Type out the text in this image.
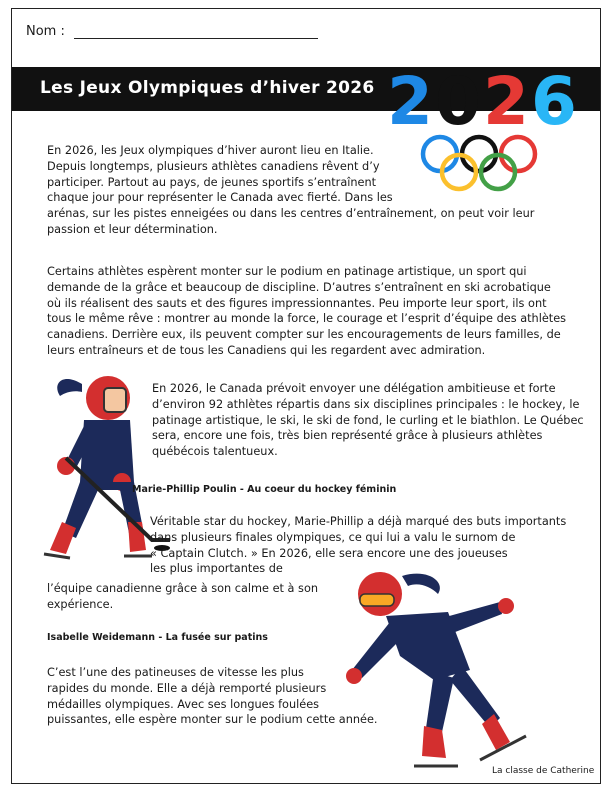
Nom :
Les Jeux Olympiques d’hiver 2026 2 0 2 6

En 2026, les Jeux olympiques d’hiver auront lieu en Italie.
Depuis longtemps, plusieurs athlètes canadiens rêvent d’y
participer. Partout au pays, de jeunes sportifs s’entraînent
chaque jour pour représenter le Canada avec fierté. Dans les
arénas, sur les pistes enneigées ou dans les centres d’entraînement, on peut voir leur
passion et leur détermination.

Certains athlètes espèrent monter sur le podium en patinage artistique, un sport qui
demande de la grâce et beaucoup de discipline. D’autres s’entraînent en ski acrobatique
où ils réalisent des sauts et des figures impressionnantes. Peu importe leur sport, ils ont
tous le même rêve : montrer au monde la force, le courage et l’esprit d’équipe des athlètes
canadiens. Derrière eux, ils peuvent compter sur les encouragements de leurs familles, de
leurs entraîneurs et de tous les Canadiens qui les regardent avec admiration.

En 2026, le Canada prévoit envoyer une délégation ambitieuse et forte
d’environ 92 athlètes répartis dans six disciplines principales : le hockey, le
patinage artistique, le ski, le ski de fond, le curling et le biathlon. Le Québec
sera, encore une fois, très bien représenté grâce à plusieurs athlètes
québécois talentueux.

Marie-Phillip Poulin - Au coeur du hockey féminin

Véritable star du hockey, Marie-Phillip a déjà marqué des buts importants
dans plusieurs finales olympiques, ce qui lui a valu le surnom de
« Captain Clutch. » En 2026, elle sera encore une des joueuses
les plus importantes de

l’équipe canadienne grâce à son calme et à son
expérience.

Isabelle Weidemann - La fusée sur patins

C’est l’une des patineuses de vitesse les plus
rapides du monde. Elle a déjà remporté plusieurs
médailles olympiques. Avec ses longues foulées
puissantes, elle espère monter sur le podium cette année.

La classe de Catherine
